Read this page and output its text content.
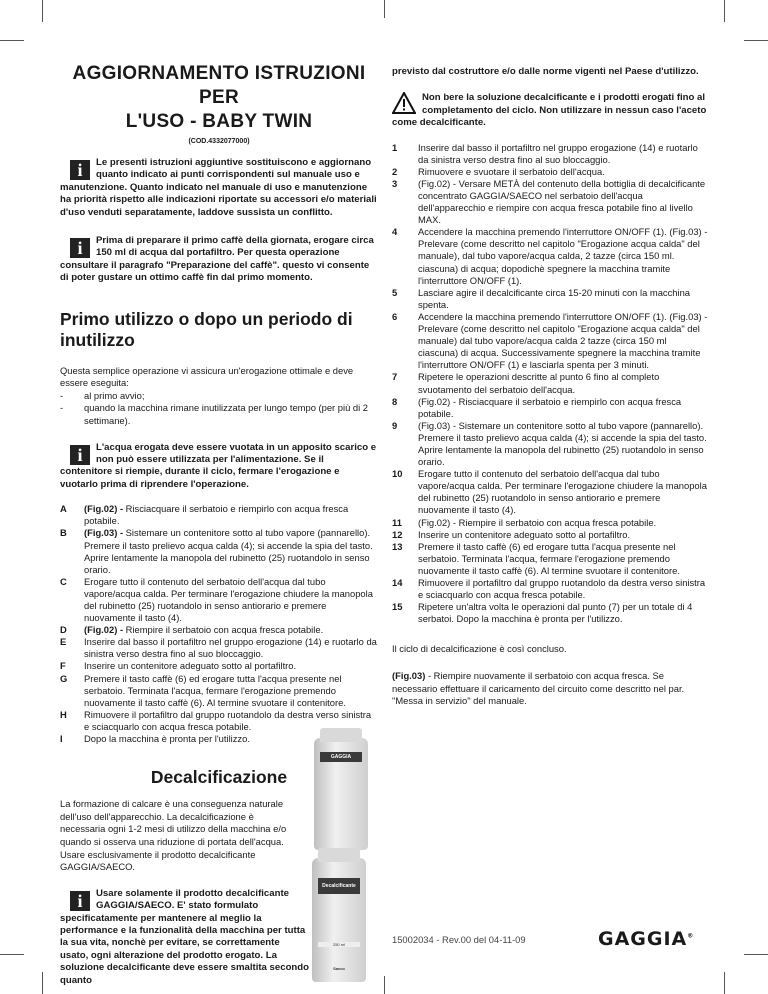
AGGIORNAMENTO ISTRUZIONI PER
L'USO - BABY TWIN

(COD.4332077000)

i	Le presenti istruzioni aggiuntive sostituiscono e aggiornano quanto indicato ai punti corrispondenti sul manuale uso e manutenzione. Quanto indicato nel manuale di uso e manutenzione ha priorità rispetto alle indicazioni riportate su accessori e/o materiali d'uso venduti separatamente, laddove sussista un conflitto.

i	Prima di preparare il primo caffè della giornata, erogare circa 150 ml di acqua dal portafiltro. Per questa operazione consultare il paragrafo "Preparazione del caffè". questo vi consente di poter gustare un ottimo caffè fin dal primo momento.

Primo utilizzo o dopo un periodo di inutilizzo

Questa semplice operazione vi assicura un'erogazione ottimale e deve essere eseguita:

- al primo avvio;
- quando la macchina rimane inutilizzata per lungo tempo (per più di 2 settimane).

i	L'acqua erogata deve essere vuotata in un apposito scarico e non può essere utilizzata per l'alimentazione. Se il contenitore si riempie, durante il ciclo, fermare l'erogazione e vuotarlo prima di riprendere l'operazione.

A (Fig.02) - Risciacquare il serbatoio e riempirlo con acqua fresca potabile.
B (Fig.03) - Sistemare un contenitore sotto al tubo vapore (pannarello). Premere il tasto prelievo acqua calda (4); si accende la spia del tasto. Aprire lentamente la manopola del rubinetto (25) ruotandolo in senso orario.
C Erogare tutto il contenuto del serbatoio dell'acqua dal tubo vapore/acqua calda. Per terminare l'erogazione chiudere la manopola del rubinetto (25) ruotandolo in senso antiorario e premere nuovamente il tasto (4).
D (Fig.02) - Riempire il serbatoio con acqua fresca potabile.
E Inserire dal basso il portafiltro nel gruppo erogazione (14) e ruotarlo da sinistra verso destra fino al suo bloccaggio.
F Inserire un contenitore adeguato sotto al portafiltro.
G Premere il tasto caffè (6) ed erogare tutta l'acqua presente nel serbatoio. Terminata l'acqua, fermare l'erogazione premendo nuovamente il tasto caffè (6). Al termine svuotare il contenitore.
H Rimuovere il portafiltro dal gruppo ruotandolo da destra verso sinistra e sciacquarlo con acqua fresca potabile.
I Dopo la macchina è pronta per l'utilizzo.
Decalcificazione

La formazione di calcare è una conseguenza naturale dell'uso dell'apparecchio. La decalcificazione è necessaria ogni 1-2 mesi di utilizzo della macchina e/o quando si osserva una riduzione di portata dell'acqua. Usare esclusivamente il prodotto decalcificante GAGGIA/SAECO.

i	Usare solamente il prodotto decalcificante GAGGIA/SAECO. E' stato formulato specificatamente per mantenere al meglio la performance e la funzionalità della macchina per tutta la sua vita, nonchè per evitare, se correttamente usato, ogni alterazione del prodotto erogato. La soluzione decalcificante deve essere smaltita secondo quanto

GAGGIA
Decalcificante
250 ml
Saeco

previsto dal costruttore e/o dalle norme vigenti nel Paese d'utilizzo.

Non bere la soluzione decalcificante e i prodotti erogati fino al completamento del ciclo. Non utilizzare in nessun caso l'aceto come decalcificante.

1 Inserire dal basso il portafiltro nel gruppo erogazione (14) e ruotarlo da sinistra verso destra fino al suo bloccaggio.
2 Rimuovere e svuotare il serbatoio dell'acqua.
3 (Fig.02) - Versare METÀ del contenuto della bottiglia di decalcificante concentrato GAGGIA/SAECO nel serbatoio dell'acqua dell'apparecchio e riempire con acqua fresca potabile fino al livello MAX.
4 Accendere la macchina premendo l'interruttore ON/OFF (1). (Fig.03) - Prelevare (come descritto nel capitolo "Erogazione acqua calda" del manuale), dal tubo vapore/acqua calda, 2 tazze (circa 150 ml. ciascuna) di acqua; dopodichè spegnere la macchina tramite l'interruttore ON/OFF (1).
5 Lasciare agire il decalcificante circa 15-20 minuti con la macchina spenta.
6 Accendere la macchina premendo l'interruttore ON/OFF (1). (Fig.03) - Prelevare (come descritto nel capitolo "Erogazione acqua calda" del manuale) dal tubo vapore/acqua calda 2 tazze (circa 150 ml ciascuna) di acqua. Successivamente spegnere la macchina tramite l'interruttore ON/OFF (1) e lasciarla spenta per 3 minuti.
7 Ripetere le operazioni descritte al punto 6 fino al completo svuotamento del serbatoio dell'acqua.
8 (Fig.02) - Risciacquare il serbatoio e riempirlo con acqua fresca potabile.
9 (Fig.03) - Sistemare un contenitore sotto al tubo vapore (pannarello). Premere il tasto prelievo acqua calda (4); si accende la spia del tasto. Aprire lentamente la manopola del rubinetto (25) ruotandolo in senso orario.
10 Erogare tutto il contenuto del serbatoio dell'acqua dal tubo vapore/acqua calda. Per terminare l'erogazione chiudere la manopola del rubinetto (25) ruotandolo in senso antiorario e premere nuovamente il tasto (4).
11 (Fig.02) - Riempire il serbatoio con acqua fresca potabile.
12 Inserire un contenitore adeguato sotto al portafiltro.
13 Premere il tasto caffè (6) ed erogare tutta l'acqua presente nel serbatoio. Terminata l'acqua, fermare l'erogazione premendo nuovamente il tasto caffè (6). Al termine svuotare il contenitore.
14 Rimuovere il portafiltro dal gruppo ruotandolo da destra verso sinistra e sciacquarlo con acqua fresca potabile.
15 Ripetere un'altra volta le operazioni dal punto (7) per un totale di 4 serbatoi. Dopo la macchina è pronta per l'utilizzo.

Il ciclo di decalcificazione è così concluso.

(Fig.03) - Riempire nuovamente il serbatoio con acqua fresca. Se necessario effettuare il caricamento del circuito come descritto nel par. "Messa in servizio" del manuale.

15002034 - Rev.00 del 04-11-09	GAGGIA®
